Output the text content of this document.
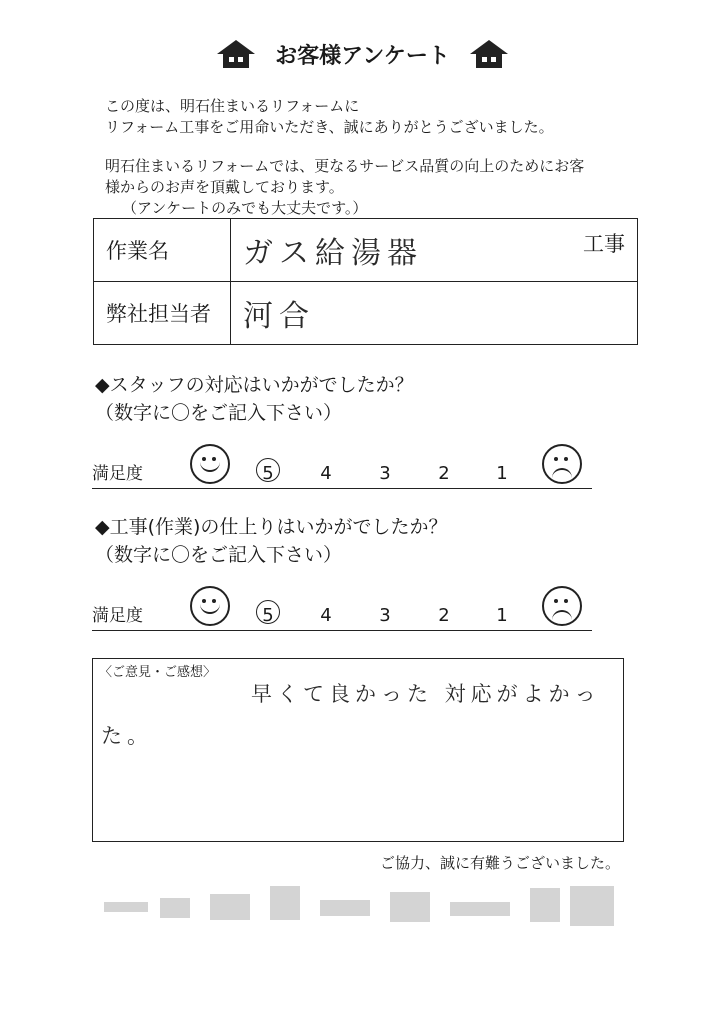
お客様アンケート
この度は、明石住まいるリフォームに
リフォーム工事をご用命いただき、誠にありがとうございました。
明石住まいるリフォームでは、更なるサービス品質の向上のためにお客
様からのお声を頂戴しております。
（アンケートのみでも大丈夫です。）
作業名	ガス給湯器 工事

弊社担当者	河合
◆スタッフの対応はいかがでしたか？
（数字に〇をご記入下さい）
満足度	5	4	3	2	1
◆工事(作業)の仕上りはいかがでしたか？
（数字に〇をご記入下さい）
満足度	5	4	3	2	1
〈ご意見・ご感想〉
早くて良かった 対応がよかった。
ご協力、誠に有難うございました。
